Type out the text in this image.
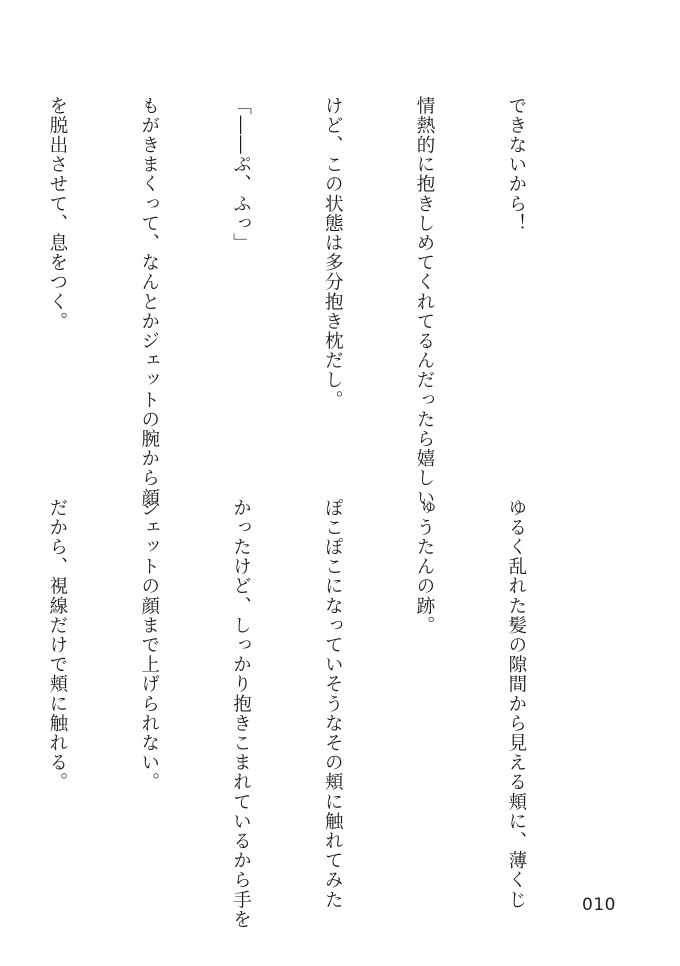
できないから！

情熱的に抱きしめてくれてるんだったら嬉しい

けど、この状態は多分抱き枕だし。

「――ぷ、ふっ」

もがきまくって、なんとかジェットの腕から顔

を脱出させて、息をつく。

ゆるく乱れた髪の隙間から見える頬に、薄くじ

ゅうたんの跡。

ぽこぽこになっていそうなその頬に触れてみた

かったけど、しっかり抱きこまれているから手を

ジェットの顔まで上げられない。

だから、視線だけで頬に触れる。

010
